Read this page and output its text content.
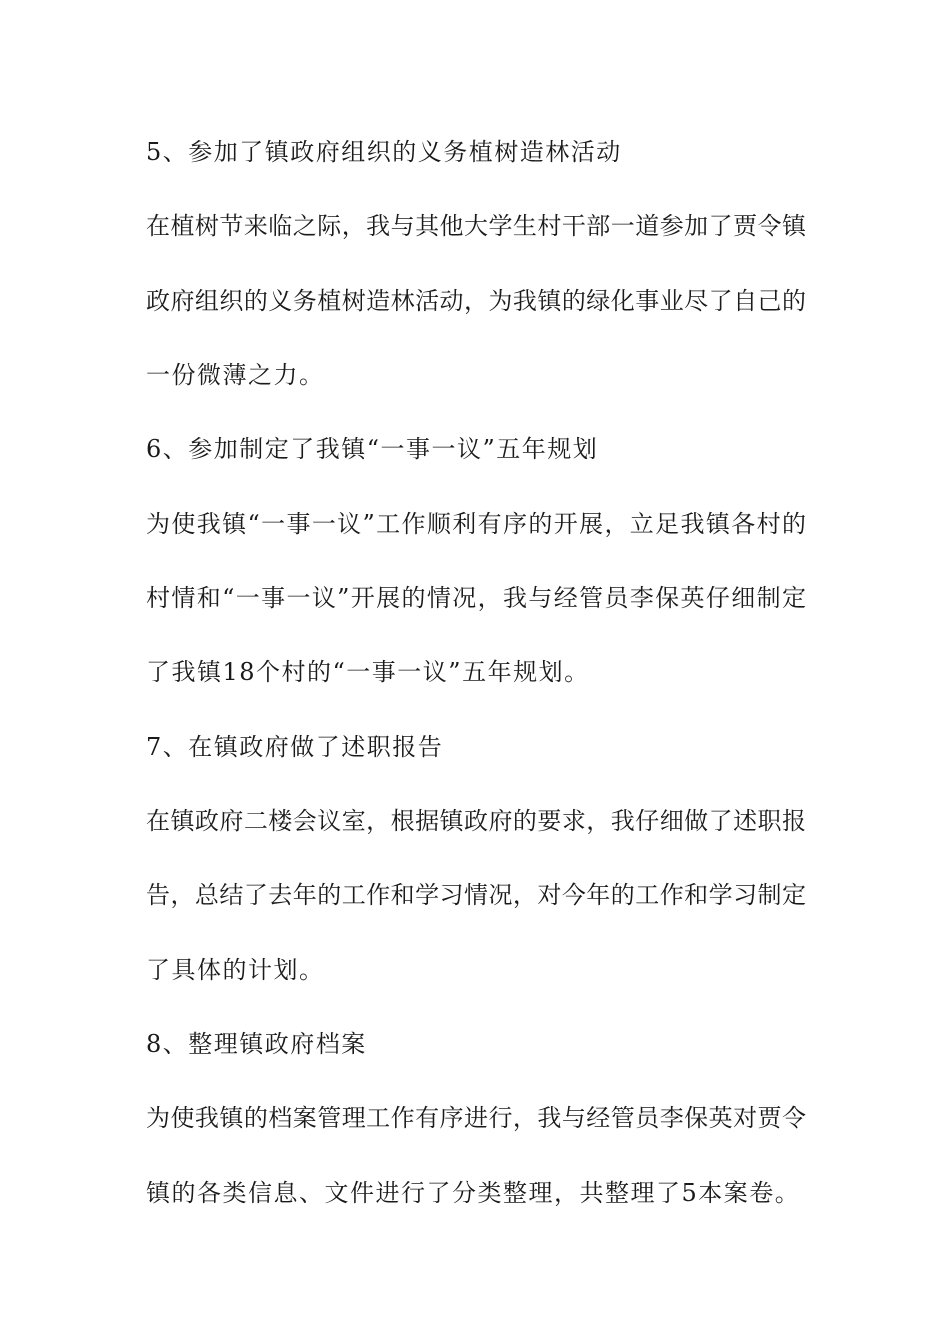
5、参加了镇政府组织的义务植树造林活动
在植树节来临之际，我与其他大学生村干部一道参加了贾令镇
政府组织的义务植树造林活动，为我镇的绿化事业尽了自己的
一份微薄之力。
6、参加制定了我镇“一事一议”五年规划
为使我镇“一事一议”工作顺利有序的开展，立足我镇各村的
村情和“一事一议”开展的情况，我与经管员李保英仔细制定
了我镇18个村的“一事一议”五年规划。
7、在镇政府做了述职报告
在镇政府二楼会议室，根据镇政府的要求，我仔细做了述职报
告，总结了去年的工作和学习情况，对今年的工作和学习制定
了具体的计划。
8、整理镇政府档案
为使我镇的档案管理工作有序进行，我与经管员李保英对贾令
镇的各类信息、文件进行了分类整理，共整理了5本案卷。
